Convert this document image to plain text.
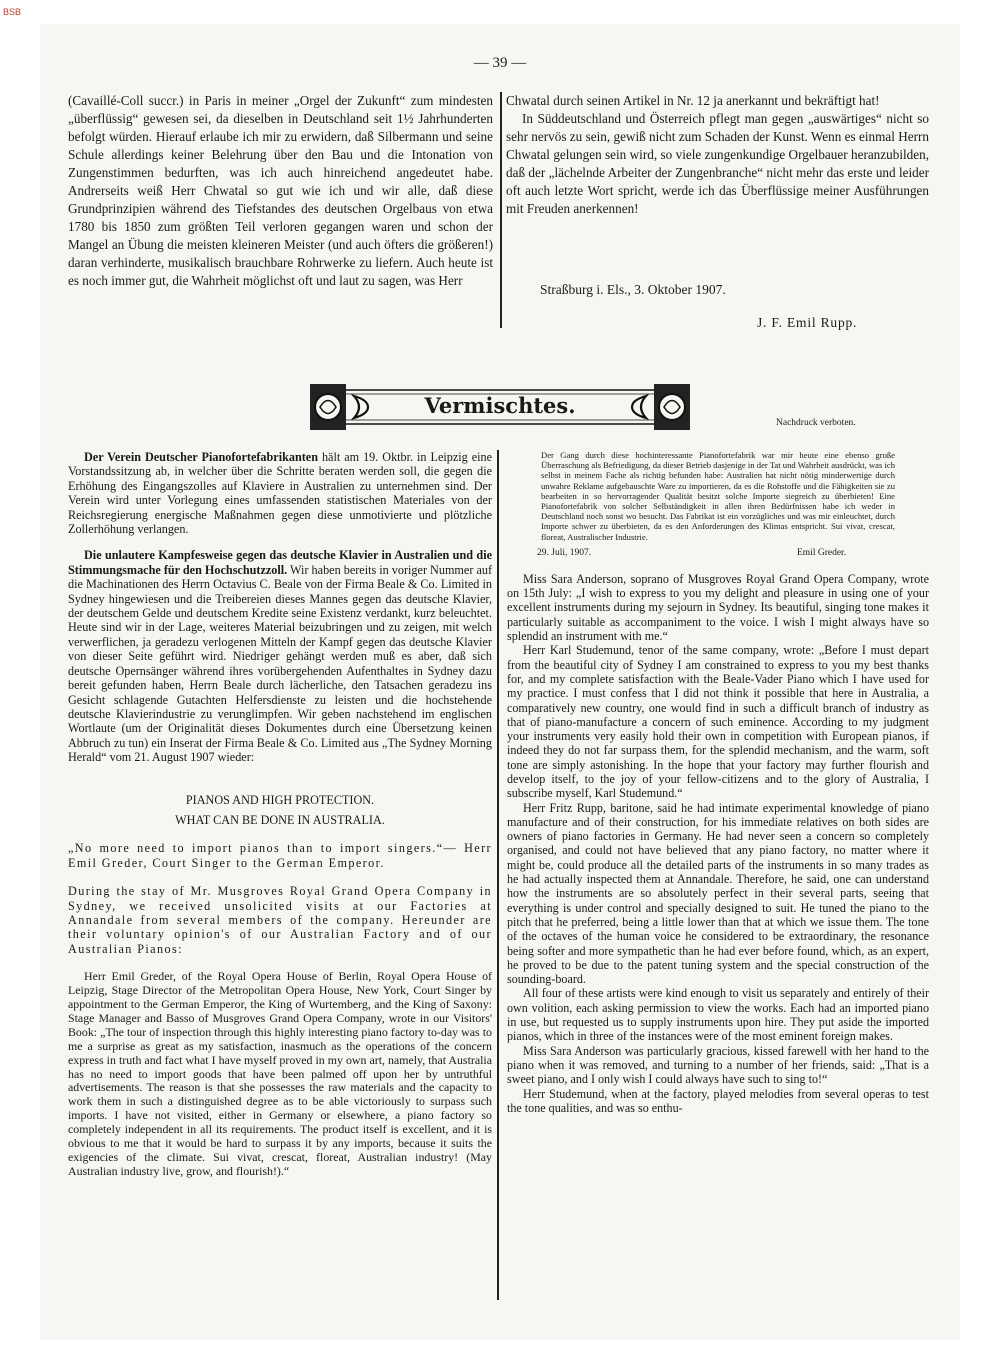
BSB
— 39 —

(Cavaillé-Coll succr.) in Paris in meiner „Orgel der Zukunft“ zum mindesten „überflüssig“ gewesen sei, da dieselben in Deutschland seit 1½ Jahrhunderten befolgt würden. Hierauf erlaube ich mir zu erwidern, daß Silbermann und seine Schule allerdings keiner Belehrung über den Bau und die Intonation von Zungenstimmen bedurften, was ich auch hinreichend angedeutet habe. Andrerseits weiß Herr Chwatal so gut wie ich und wir alle, daß diese Grundprinzipien während des Tiefstandes des deutschen Orgelbaus von etwa 1780 bis 1850 zum größten Teil verloren gegangen waren und schon der Mangel an Übung die meisten kleineren Meister (und auch öfters die größeren!) daran verhinderte, musikalisch brauchbare Rohrwerke zu liefern. Auch heute ist es noch immer gut, die Wahrheit möglichst oft und laut zu sagen, was Herr

Chwatal durch seinen Artikel in Nr. 12 ja anerkannt und bekräftigt hat!

In Süddeutschland und Österreich pflegt man gegen „auswärtiges“ nicht so sehr nervös zu sein, gewiß nicht zum Schaden der Kunst. Wenn es einmal Herrn Chwatal gelungen sein wird, so viele zungenkundige Orgelbauer heranzubilden, daß der „lächelnde Arbeiter der Zungenbranche“ nicht mehr das erste und leider oft auch letzte Wort spricht, werde ich das Überflüssige meiner Ausführungen mit Freuden anerkennen!

Straßburg i. Els., 3. Oktober 1907.
J. F. Emil Rupp.
Vermischtes.
Nachdruck verboten.

Der Verein Deutscher Pianofortefabrikanten hält am 19. Oktbr. in Leipzig eine Vorstandssitzung ab, in welcher über die Schritte beraten werden soll, die gegen die Erhöhung des Eingangszolles auf Klaviere in Australien zu unternehmen sind. Der Verein wird unter Vorlegung eines umfassenden statistischen Materiales von der Reichsregierung energische Maßnahmen gegen diese unmotivierte und plötzliche Zollerhöhung verlangen.

Die unlautere Kampfesweise gegen das deutsche Klavier in Australien und die Stimmungsmache für den Hochschutzzoll. Wir haben bereits in voriger Nummer auf die Machinationen des Herrn Octavius C. Beale von der Firma Beale & Co. Limited in Sydney hingewiesen und die Treibereien dieses Mannes gegen das deutsche Klavier, der deutschem Gelde und deutschem Kredite seine Existenz verdankt, kurz beleuchtet. Heute sind wir in der Lage, weiteres Material beizubringen und zu zeigen, mit welch verwerflichen, ja geradezu verlogenen Mitteln der Kampf gegen das deutsche Klavier von dieser Seite geführt wird. Niedriger gehängt werden muß es aber, daß sich deutsche Opernsänger während ihres vorübergehenden Aufenthaltes in Sydney dazu bereit gefunden haben, Herrn Beale durch lächerliche, den Tatsachen geradezu ins Gesicht schlagende Gutachten Helfersdienste zu leisten und die hochstehende deutsche Klavierindustrie zu verunglimpfen. Wir geben nachstehend im englischen Wortlaute (um der Originalität dieses Dokumentes durch eine Übersetzung keinen Abbruch zu tun) ein Inserat der Firma Beale & Co. Limited aus „The Sydney Morning Herald“ vom 21. August 1907 wieder:

PIANOS AND HIGH PROTECTION.

WHAT CAN BE DONE IN AUSTRALIA.

„No more need to import pianos than to import singers.“— Herr Emil Greder, Court Singer to the German Emperor.

During the stay of Mr. Musgroves Royal Grand Opera Company in Sydney, we received unsolicited visits at our Factories at Annandale from several members of the company. Hereunder are their voluntary opinion's of our Australian Factory and of our Australian Pianos:

Herr Emil Greder, of the Royal Opera House of Berlin, Royal Opera House of Leipzig, Stage Director of the Metropolitan Opera House, New York, Court Singer by appointment to the German Emperor, the King of Wurtemberg, and the King of Saxony: Stage Manager and Basso of Musgroves Grand Opera Company, wrote in our Visitors' Book: „The tour of inspection through this highly interesting piano factory to-day was to me a surprise as great as my satisfaction, inasmuch as the operations of the concern express in truth and fact what I have myself proved in my own art, namely, that Australia has no need to import goods that have been palmed off upon her by untruthful advertisements. The reason is that she possesses the raw materials and the capacity to work them in such a distinguished degree as to be able victoriously to surpass such imports. I have not visited, either in Germany or elsewhere, a piano factory so completely independent in all its requirements. The product itself is excellent, and it is obvious to me that it would be hard to surpass it by any imports, because it suits the exigencies of the climate. Sui vivat, crescat, floreat, Australian industry! (May Australian industry live, grow, and flourish!).“

Der Gang durch diese hochinteressante Pianofortefabrik war mir heute eine ebenso große Überraschung als Befriedigung, da dieser Betrieb dasjenige in der Tat und Wahrheit ausdrückt, was ich selbst in meinem Fache als richtig befunden habe: Australien hat nicht nötig minderwertige durch unwahre Reklame aufgebauschte Ware zu importieren, da es die Rohstoffe und die Fähigkeiten sie zu bearbeiten in so hervorragender Qualität besitzt solche Importe siegreich zu überbieten! Eine Pianofortefabrik von solcher Selbständigkeit in allen ihren Bedürfnissen habe ich weder in Deutschland noch sonst wo besucht. Das Fabrikat ist ein vorzügliches und was mir einleuchtet, durch Importe schwer zu überbieten, da es den Anforderungen des Klimas entspricht. Sui vivat, crescat, floreat, Australischer Industrie.

29. Juli, 1907.	Emil Greder.

Miss Sara Anderson, soprano of Musgroves Royal Grand Opera Company, wrote on 15th July: „I wish to express to you my delight and pleasure in using one of your excellent instruments during my sejourn in Sydney. Its beautiful, singing tone makes it particularly suitable as accompaniment to the voice. I wish I might always have so splendid an instrument with me.“

Herr Karl Studemund, tenor of the same company, wrote: „Before I must depart from the beautiful city of Sydney I am constrained to express to you my best thanks for, and my complete satisfaction with the Beale-Vader Piano which I have used for my practice. I must confess that I did not think it possible that here in Australia, a comparatively new country, one would find in such a difficult branch of industry as that of piano-manufacture a concern of such eminence. According to my judgment your instruments very easily hold their own in competition with European pianos, if indeed they do not far surpass them, for the splendid mechanism, and the warm, soft tone are simply astonishing. In the hope that your factory may further flourish and develop itself, to the joy of your fellow-citizens and to the glory of Australia, I subscribe myself, Karl Studemund.“

Herr Fritz Rupp, baritone, said he had intimate experimental knowledge of piano manufacture and of their construction, for his immediate relatives on both sides are owners of piano factories in Germany. He had never seen a concern so completely organised, and could not have believed that any piano factory, no matter where it might be, could produce all the detailed parts of the instruments in so many trades as he had actually inspected them at Annandale. Therefore, he said, one can understand how the instruments are so absolutely perfect in their several parts, seeing that everything is under control and specially designed to suit. He tuned the piano to the pitch that he preferred, being a little lower than that at which we issue them. The tone of the octaves of the human voice he considered to be extraordinary, the resonance being softer and more sympathetic than he had ever before found, which, as an expert, he proved to be due to the patent tuning system and the special construction of the sounding-board.

All four of these artists were kind enough to visit us separately and entirely of their own volition, each asking permission to view the works. Each had an imported piano in use, but requested us to supply instruments upon hire. They put aside the imported pianos, which in three of the instances were of the most eminent foreign makes.

Miss Sara Anderson was particularly gracious, kissed farewell with her hand to the piano when it was removed, and turning to a number of her friends, said: „That is a sweet piano, and I only wish I could always have such to sing to!“

Herr Studemund, when at the factory, played melodies from several operas to test the tone qualities, and was so enthu-
